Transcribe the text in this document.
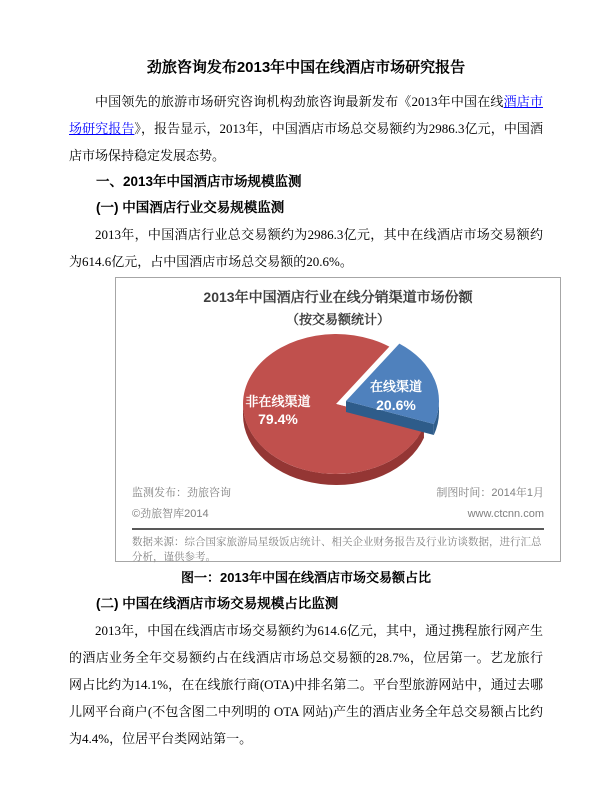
劲旅咨询发布2013年中国在线酒店市场研究报告

中国领先的旅游市场研究咨询机构劲旅咨询最新发布《2013年中国在线酒店市场研究报告》，报告显示，2013年，中国酒店市场总交易额约为2986.3亿元，中国酒店市场保持稳定发展态势。

一、2013年中国酒店市场规模监测
(一) 中国酒店行业交易规模监测

2013年，中国酒店行业总交易额约为2986.3亿元，其中在线酒店市场交易额约为614.6亿元，占中国酒店市场总交易额的20.6%。

2013年中国酒店行业在线分销渠道市场份额
（按交易额统计）
非在线渠道
79.4%
在线渠道
20.6%
监测发布：劲旅咨询	制图时间：2014年1月
©劲旅智库2014	www.ctcnn.com
数据来源：综合国家旅游局星级饭店统计、相关企业财务报告及行业访谈数据，进行汇总分析，谨供参考。
图一：2013年中国在线酒店市场交易额占比
(二) 中国在线酒店市场交易规模占比监测

2013年，中国在线酒店市场交易额约为614.6亿元，其中，通过携程旅行网产生的酒店业务全年交易额约占在线酒店市场总交易额的28.7%，位居第一。艺龙旅行网占比约为14.1%，在在线旅行商(OTA)中排名第二。平台型旅游网站中，通过去哪儿网平台商户(不包含图二中列明的 OTA 网站)产生的酒店业务全年总交易额占比约为4.4%，位居平台类网站第一。
